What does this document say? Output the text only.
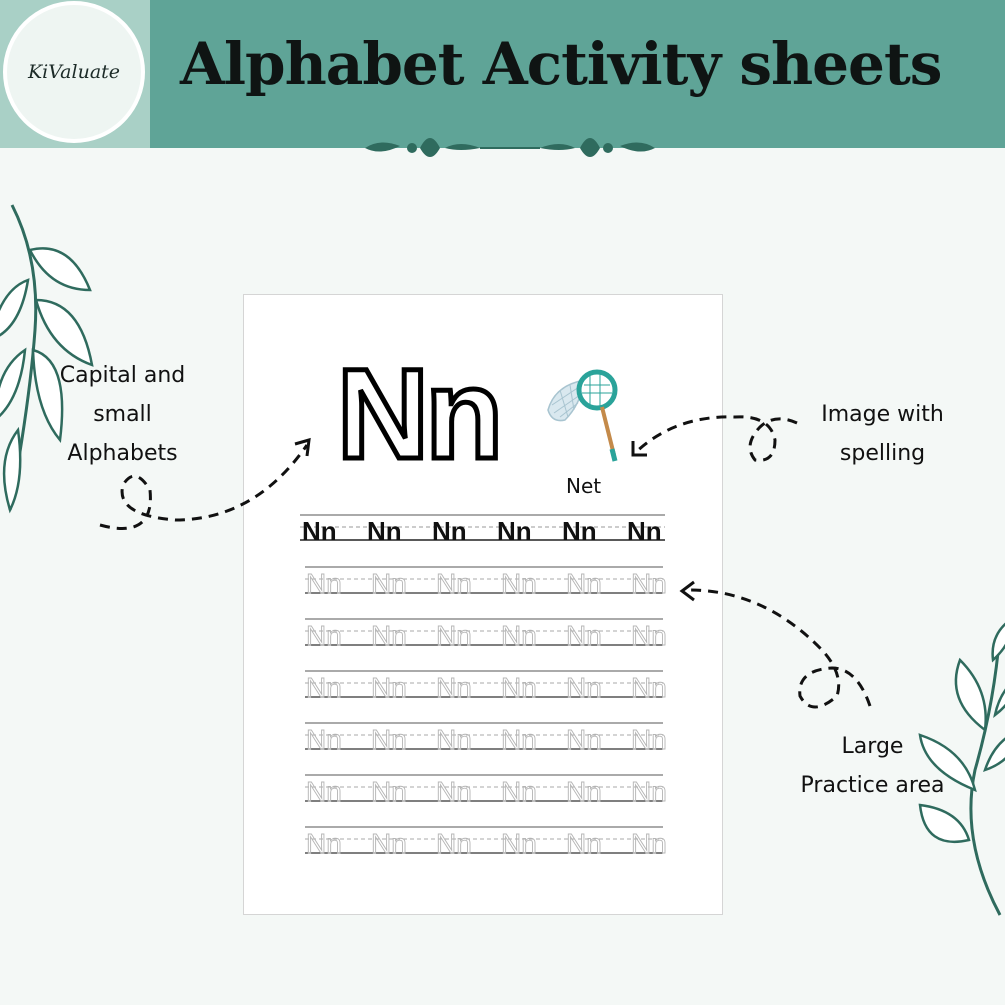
KiValuate	Alphabet Activity sheets
Nn	Net
Nn Nn Nn Nn Nn Nn
Nn Nn Nn Nn Nn Nn
Nn Nn Nn Nn Nn Nn
Nn Nn Nn Nn Nn Nn
Nn Nn Nn Nn Nn Nn
Nn Nn Nn Nn Nn Nn
Nn Nn Nn Nn Nn Nn
Capital and
small
Alphabets
Image with
spelling
Large
Practice area
